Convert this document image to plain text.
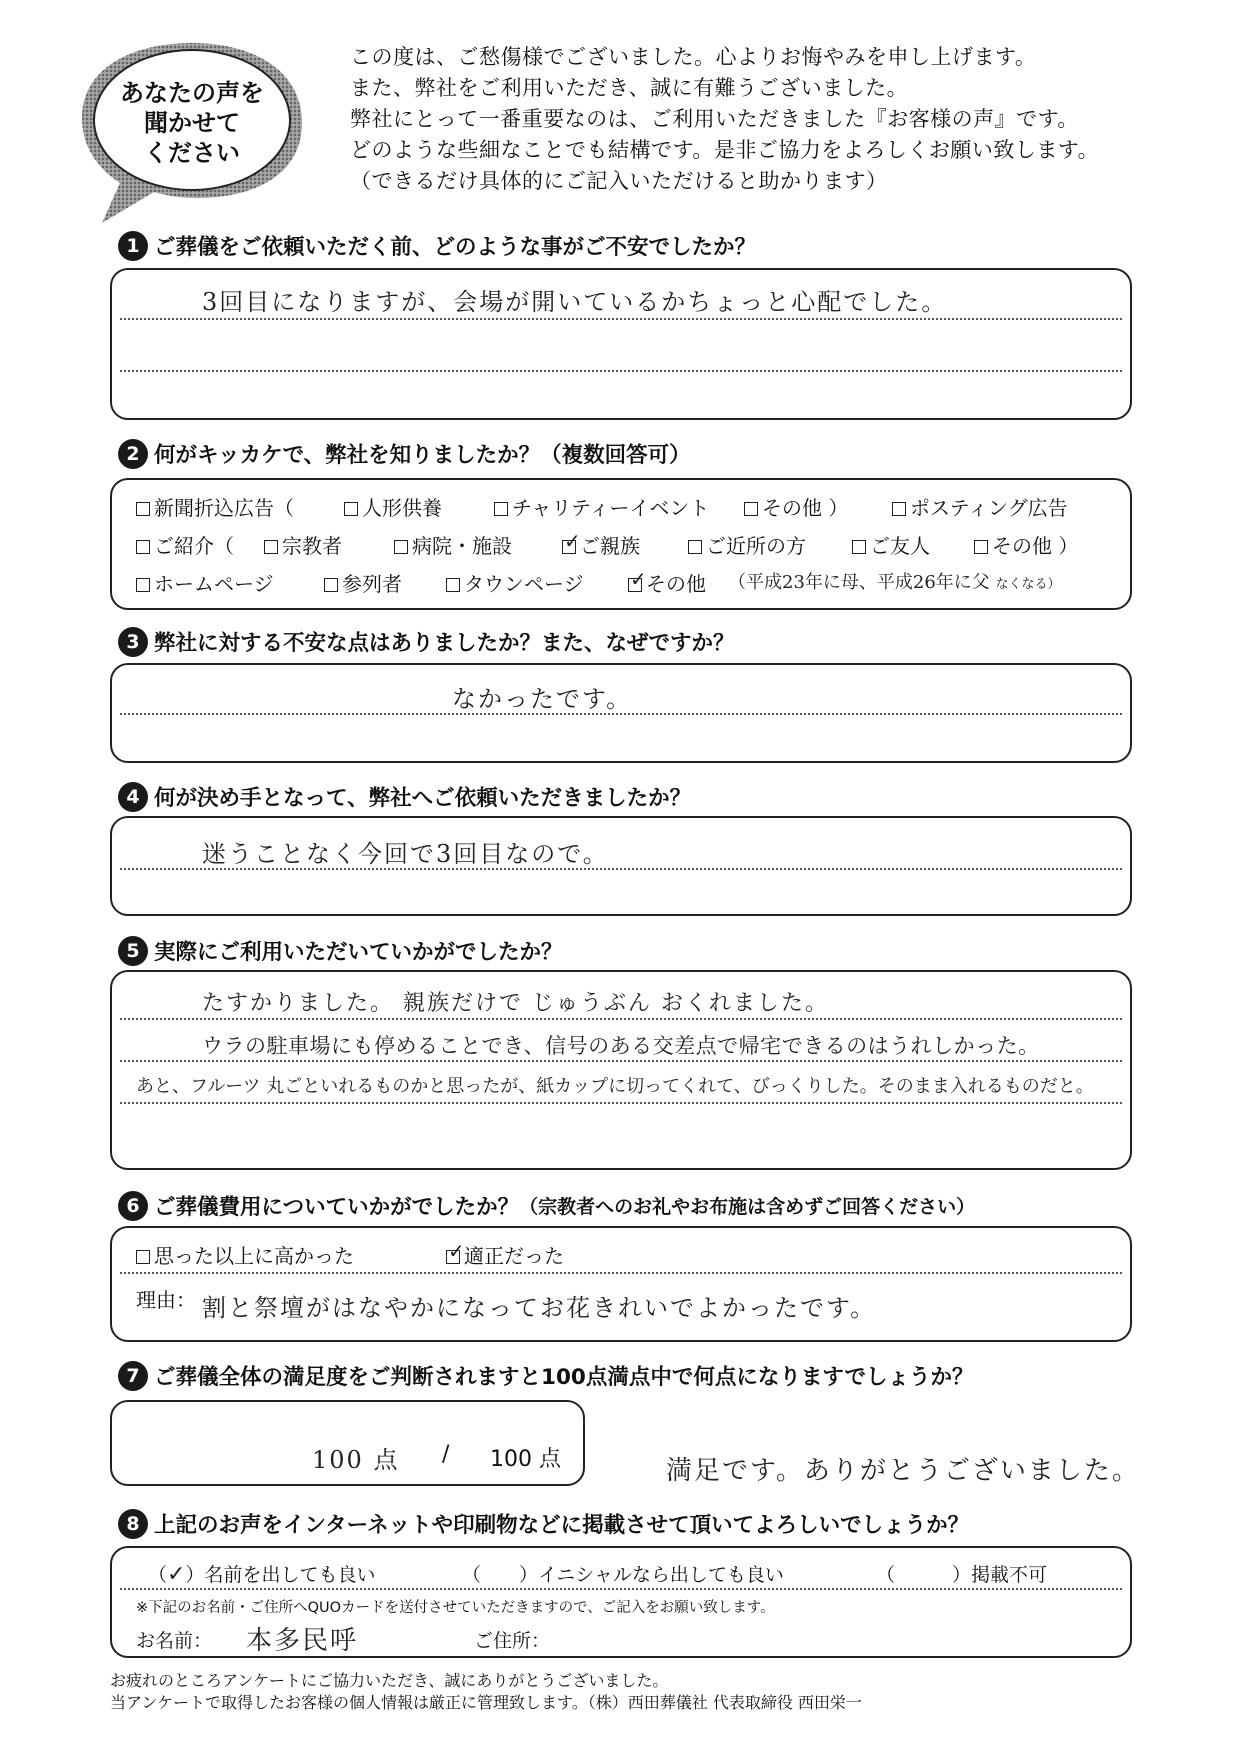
あなたの声を
聞かせて
ください
この度は、ご愁傷様でございました。心よりお悔やみを申し上げます。
また、弊社をご利用いただき、誠に有難うございました。
弊社にとって一番重要なのは、ご利用いただきました『お客様の声』です。
どのような些細なことでも結構です。是非ご協力をよろしくお願い致します。
（できるだけ具体的にご記入いただけると助かります）
1 ご葬儀をご依頼いただく前、どのような事がご不安でしたか？
3回目になりますが、会場が開いているかちょっと心配でした。
2 何がキッカケで、弊社を知りましたか？（複数回答可）
新聞折込広告（	人形供養	チャリティーイベント	その他 ）	ポスティング広告
ご紹介（	宗教者	病院・施設	✓ ご親族	ご近所の方	ご友人	その他 ）
ホームページ	参列者	タウンページ ✓ その他 （平成23年に母、平成26年に父 なくなる）
3 弊社に対する不安な点はありましたか？また、なぜですか？
なかったです。
4 何が決め手となって、弊社へご依頼いただきましたか？
迷うことなく今回で3回目なので。
5 実際にご利用いただいていかがでしたか？
たすかりました。 親族だけで じゅうぶん おくれました。
ウラの駐車場にも停めることでき、信号のある交差点で帰宅できるのはうれしかった。
あと、フルーツ 丸ごといれるものかと思ったが、紙カップに切ってくれて、びっくりした。そのまま入れるものだと。
6 ご葬儀費用についていかがでしたか？ （宗教者へのお礼やお布施は含めずご回答ください）
思った以上に高かった	✓ 適正だった
理由： 割と祭壇がはなやかになってお花きれいでよかったです。
7 ご葬儀全体の満足度をご判断されますと100点満点中で何点になりますでしょうか？
100 点 / 100 点	満足です。ありがとうございました。
8 上記のお声をインターネットや印刷物などに掲載させて頂いてよろしいでしょうか？
（✓）名前を出しても良い	（　　）イニシャルなら出しても良い	（　　　）掲載不可
※下記のお名前・ご住所へQUOカードを送付させていただきますので、ご記入をお願い致します。
お名前： 本多民呼	ご住所：
お疲れのところアンケートにご協力いただき、誠にありがとうございました。
当アンケートで取得したお客様の個人情報は厳正に管理致します。（株）西田葬儀社 代表取締役 西田栄一
